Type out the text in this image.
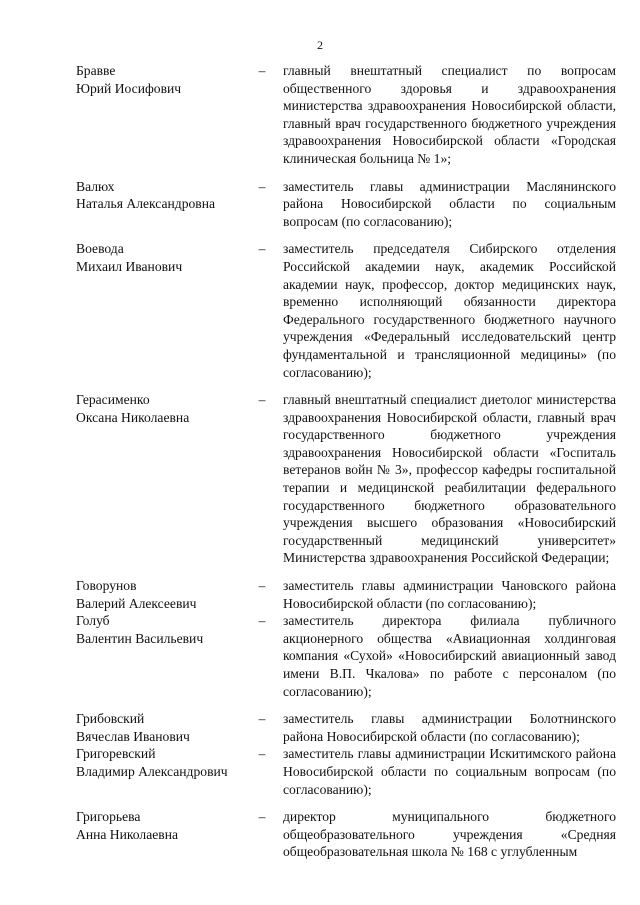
2
Бравве
Юрий Иосифович
–	главный внештатный специалист по вопросам общественного здоровья и здравоохранения министерства здравоохранения Новосибирской области, главный врач государственного бюджетного учреждения здравоохранения Новосибирской области «Городская клиническая больница № 1»;
Валюх
Наталья Александровна
–	заместитель главы администрации Маслянинского района Новосибирской области по социальным вопросам (по согласованию);
Воевода
Михаил Иванович
–	заместитель председателя Сибирского отделения Российской академии наук, академик Российской академии наук, профессор, доктор медицинских наук, временно исполняющий обязанности директора Федерального государственного бюджетного научного учреждения «Федеральный исследовательский центр фундаментальной и трансляционной медицины» (по согласованию);
Герасименко
Оксана Николаевна
–	главный внештатный специалист диетолог министерства здравоохранения Новосибирской области, главный врач государственного бюджетного учреждения здравоохранения Новосибирской области «Госпиталь ветеранов войн № 3», профессор кафедры госпитальной терапии и медицинской реабилитации федерального государственного бюджетного образовательного учреждения высшего образования «Новосибирский государственный медицинский университет» Министерства здравоохранения Российской Федерации;
Говорунов
Валерий Алексеевич
–	заместитель главы администрации Чановского района Новосибирской области (по согласованию);
Голуб
Валентин Васильевич
–	заместитель директора филиала публичного акционерного общества «Авиационная холдинговая компания «Сухой» «Новосибирский авиационный завод имени В.П. Чкалова» по работе с персоналом (по согласованию);
Грибовский
Вячеслав Иванович
–	заместитель главы администрации Болотнинского района Новосибирской области (по согласованию);
Григоревский
Владимир Александрович
–	заместитель главы администрации Искитимского района Новосибирской области по социальным вопросам (по согласованию);
Григорьева
Анна Николаевна
–	директор муниципального бюджетного общеобразовательного учреждения «Средняя общеобразовательная школа № 168 с углубленным
